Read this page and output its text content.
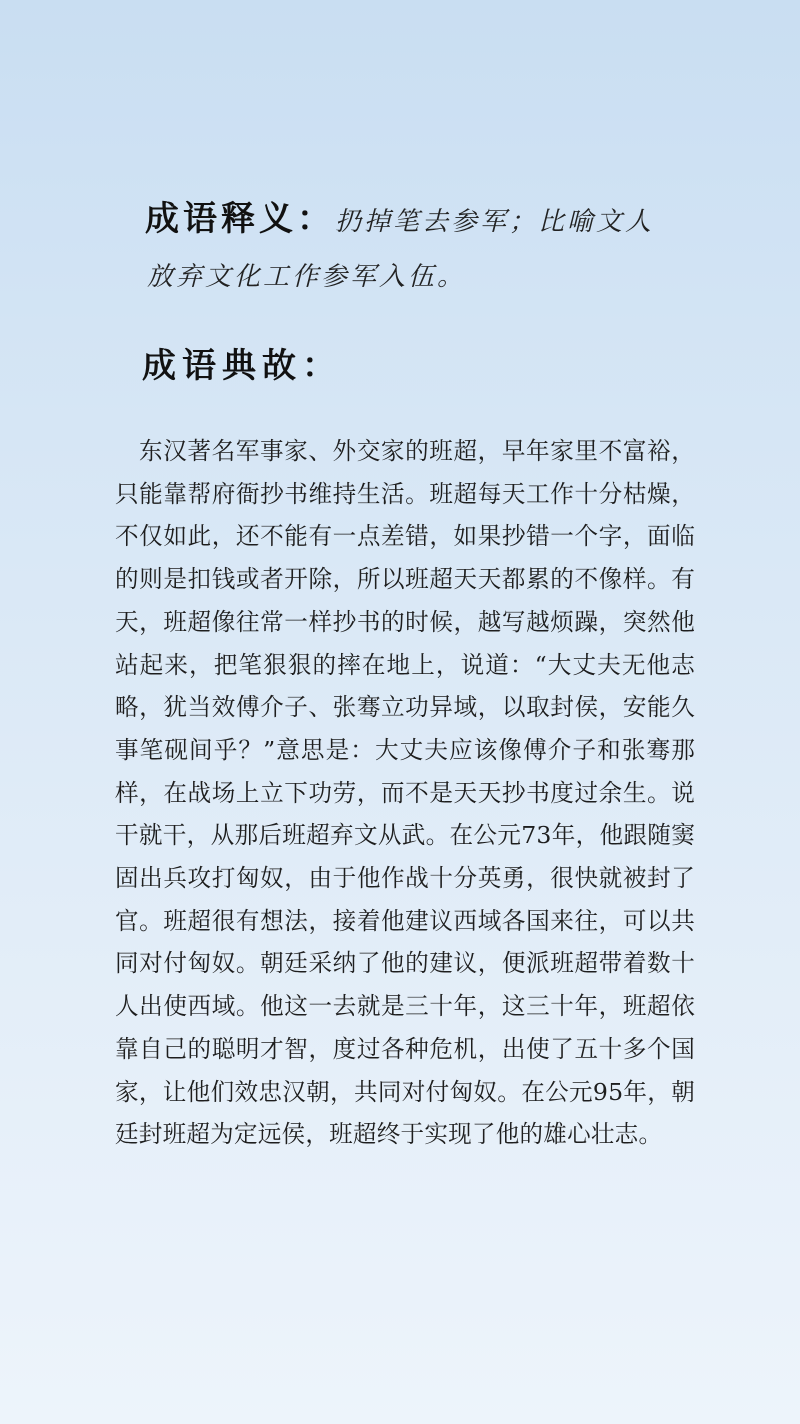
成语释义：扔掉笔去参军；比喻文人
放弃文化工作参军入伍。
成语典故：
东汉著名军事家、外交家的班超，早年家里不富裕，只能靠帮府衙抄书维持生活。班超每天工作十分枯燥，不仅如此，还不能有一点差错，如果抄错一个字，面临的则是扣钱或者开除，所以班超天天都累的不像样。有天，班超像往常一样抄书的时候，越写越烦躁，突然他站起来，把笔狠狠的摔在地上，说道：“大丈夫无他志略，犹当效傅介子、张骞立功异域，以取封侯，安能久事笔砚间乎？”意思是：大丈夫应该像傅介子和张骞那样，在战场上立下功劳，而不是天天抄书度过余生。说干就干，从那后班超弃文从武。在公元73年，他跟随窦固出兵攻打匈奴，由于他作战十分英勇，很快就被封了官。班超很有想法，接着他建议西域各国来往，可以共同对付匈奴。朝廷采纳了他的建议，便派班超带着数十人出使西域。他这一去就是三十年，这三十年，班超依靠自己的聪明才智，度过各种危机，出使了五十多个国家，让他们效忠汉朝，共同对付匈奴。在公元95年，朝廷封班超为定远侯，班超终于实现了他的雄心壮志。
